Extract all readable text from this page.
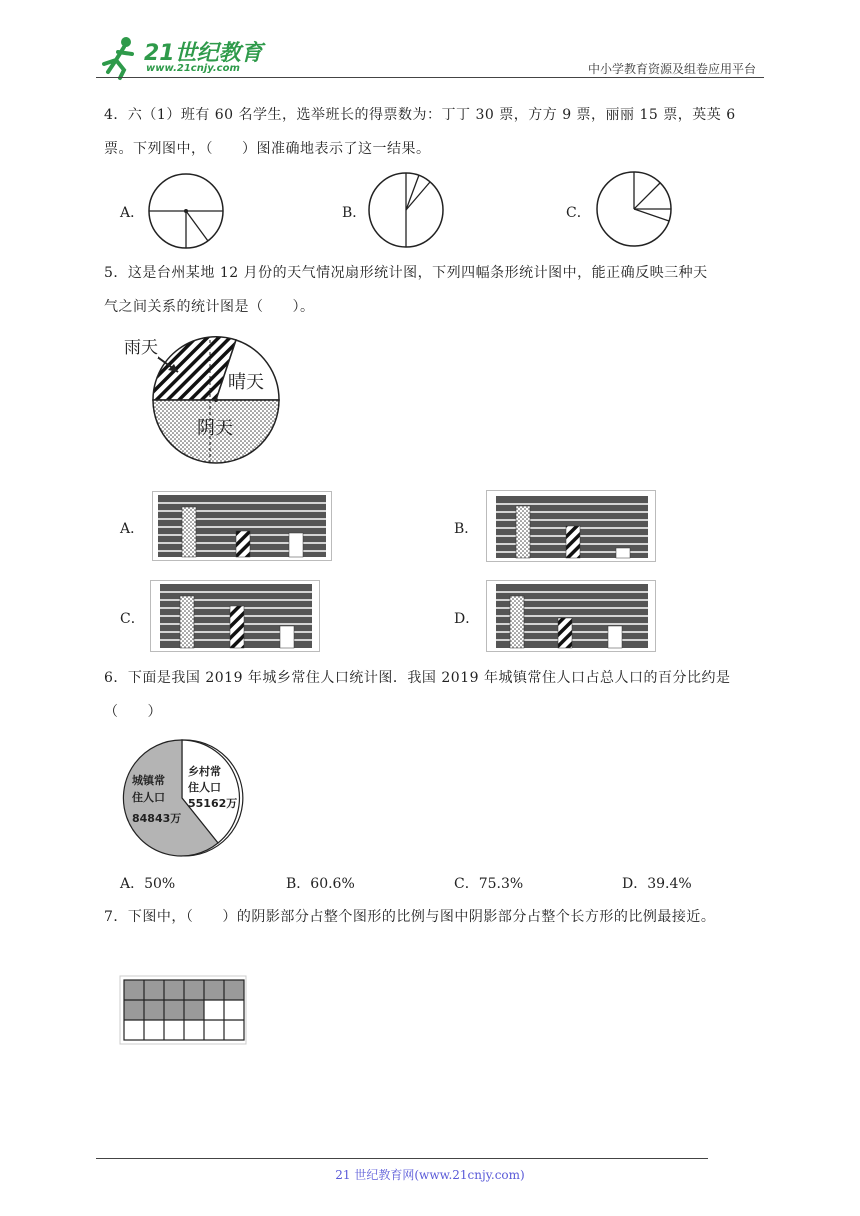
21世纪教育
www.21cnjy.com	中小学教育资源及组卷应用平台
4．六（1）班有 60 名学生，选举班长的得票数为：丁丁 30 票，方方 9 票，丽丽 15 票，英英 6
票。下列图中，（　　）图准确地表示了这一结果。
A．	B．	C．
5．这是台州某地 12 月份的天气情况扇形统计图，下列四幅条形统计图中，能正确反映三种天
气之间关系的统计图是（　　）。
雨天
晴天
阴天
A．	B．
C．	D．
6．下面是我国 2019 年城乡常住人口统计图．我国 2019 年城镇常住人口占总人口的百分比约是
（　　）
城镇常
住人口
84843万
乡村常
住人口
55162万
A．50%	B．60.6%	C．75.3%	D．39.4%
7．下图中，（　　）的阴影部分占整个图形的比例与图中阴影部分占整个长方形的比例最接近。
21 世纪教育网(www.21cnjy.com)
